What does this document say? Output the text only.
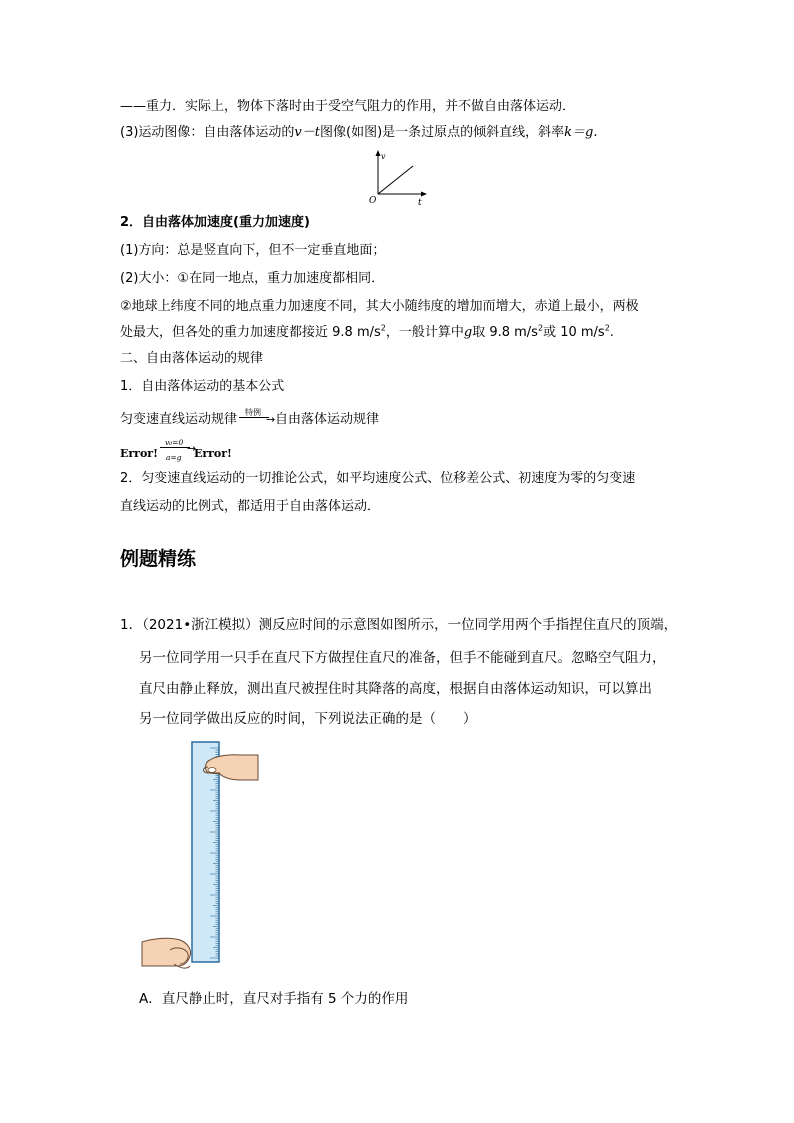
——重力．实际上，物体下落时由于受空气阻力的作用，并不做自由落体运动．
(3)运动图像：自由落体运动的v－t图像(如图)是一条过原点的倾斜直线，斜率k＝g.
v
t
O
2．自由落体加速度(重力加速度)
(1)方向：总是竖直向下，但不一定垂直地面；
(2)大小：①在同一地点，重力加速度都相同．
②地球上纬度不同的地点重力加速度不同，其大小随纬度的增加而增大，赤道上最小，两极
处最大，但各处的重力加速度都接近 9.8 $m/s^2$，一般计算中g取 9.8 $m/s^2$或 10 $m/s^2$.
二、自由落体运动的规律
1．自由落体运动的基本公式
匀变速直线运动规律 特例
→ 自由落体运动规律
Error!
v₀=0
a=g
→
Error!
2．匀变速直线运动的一切推论公式，如平均速度公式、位移差公式、初速度为零的匀变速
直线运动的比例式，都适用于自由落体运动．
例题精练
1．（2021•浙江模拟）测反应时间的示意图如图所示，一位同学用两个手指捏住直尺的顶端，
另一位同学用一只手在直尺下方做捏住直尺的准备，但手不能碰到直尺。忽略空气阻力，
直尺由静止释放，测出直尺被捏住时其降落的高度，根据自由落体运动知识，可以算出
另一位同学做出反应的时间，下列说法正确的是（　　）
A．直尺静止时，直尺对手指有 5 个力的作用
